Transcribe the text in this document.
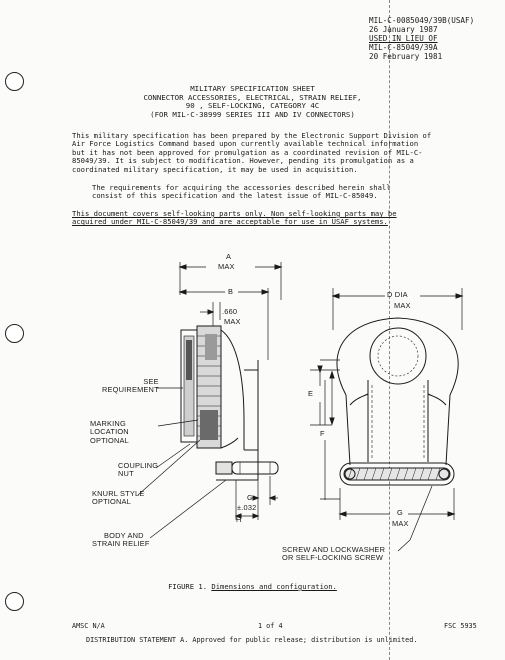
MIL-C-0085049/39B(USAF)
26 January 1987
USED IN LIEU OF
MIL-C-85049/39A
20 February 1981
MILITARY SPECIFICATION SHEET
CONNECTOR ACCESSORIES, ELECTRICAL, STRAIN RELIEF,
90 , SELF-LOCKING, CATEGORY 4C
(FOR MIL-C-38999 SERIES III AND IV CONNECTORS)
This military specification has been prepared by the Electronic Support Division of
Air Force Logistics Command based upon currently available technical information
but it has not been approved for promulgation as a coordinated revision of MIL-C-
85049/39. It is subject to modification. However, pending its promulgation as a
coordinated military specification, it may be used in acquisition.
The requirements for acquiring the accessories described herein shall
consist of this specification and the latest issue of MIL-C-85049.
This document covers self-looking parts only. Non self-looking parts may be
acquired under MIL-C-85049/39 and are acceptable for use in USAF systems.
A
MAX
B
.660
MAX
D DIA
MAX
E
F
C
±.032
H
G
MAX
SEE
REQUIREMENT
MARKING
LOCATION
OPTIONAL
COUPLING
NUT
KNURL STYLE
OPTIONAL
BODY AND
STRAIN RELIEF
SCREW AND LOCKWASHER
OR SELF-LOCKING SCREW
FIGURE 1. Dimensions and configuration.
AMSC N/A	1 of 4	FSC 5935
DISTRIBUTION STATEMENT A. Approved for public release; distribution is unlimited.
